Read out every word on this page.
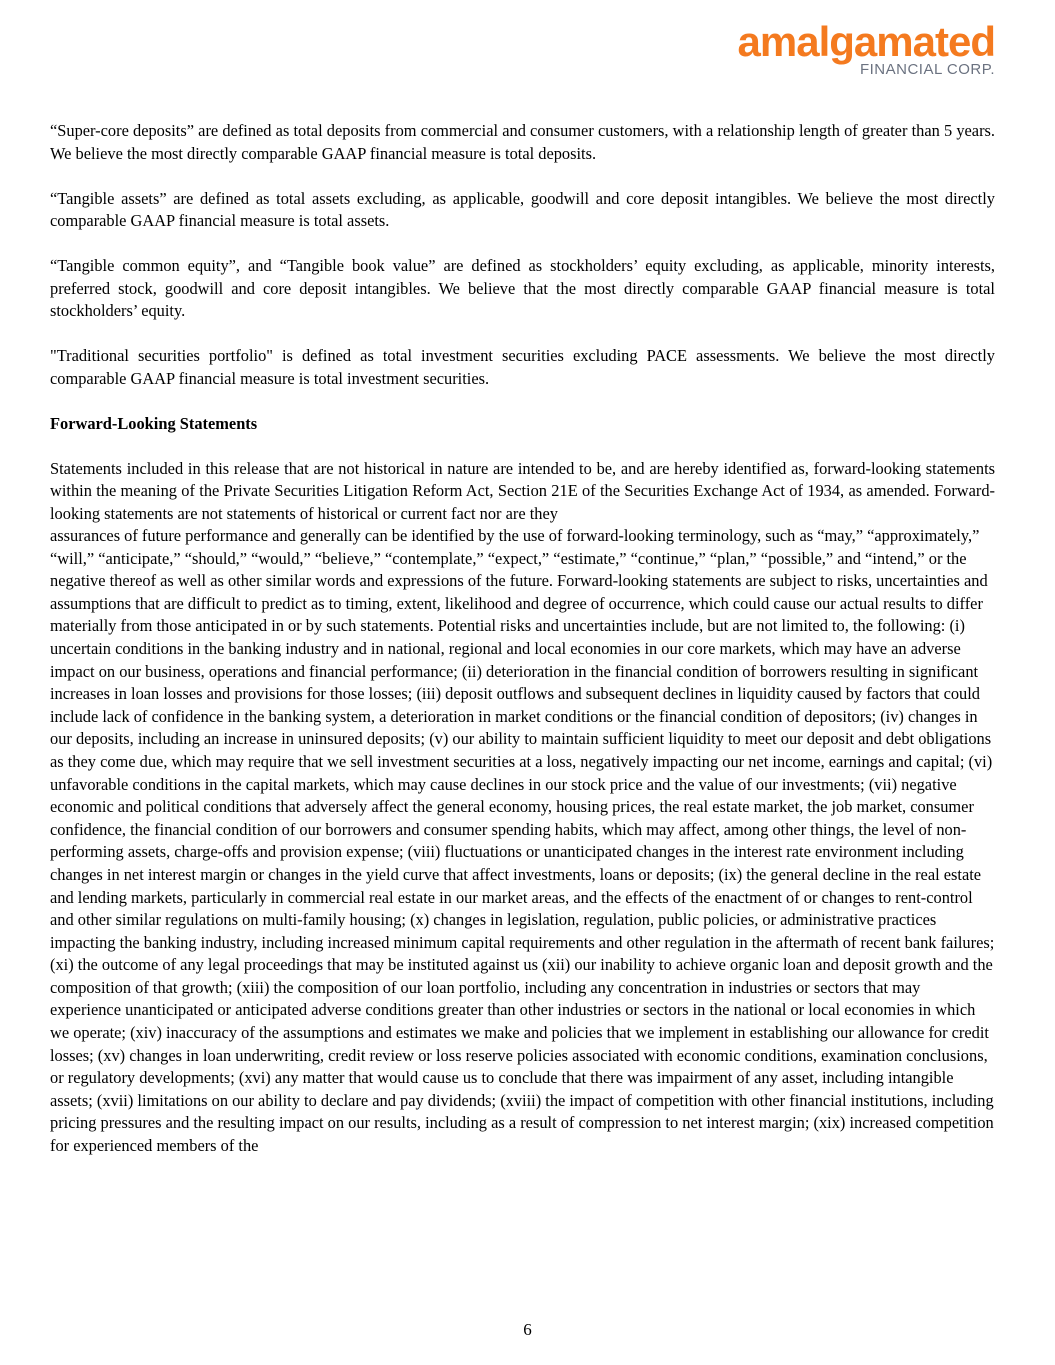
amalgamated
FINANCIAL CORP.

“Super-core deposits” are defined as total deposits from commercial and consumer customers, with a relationship length of greater than 5 years. We believe the most directly comparable GAAP financial measure is total deposits.

“Tangible assets” are defined as total assets excluding, as applicable, goodwill and core deposit intangibles. We believe the most directly comparable GAAP financial measure is total assets.

“Tangible common equity”, and “Tangible book value” are defined as stockholders’ equity excluding, as applicable, minority interests, preferred stock, goodwill and core deposit intangibles. We believe that the most directly comparable GAAP financial measure is total stockholders’ equity.

"Traditional securities portfolio" is defined as total investment securities excluding PACE assessments. We believe the most directly comparable GAAP financial measure is total investment securities.

Forward-Looking Statements

Statements included in this release that are not historical in nature are intended to be, and are hereby identified as, forward-looking statements within the meaning of the Private Securities Litigation Reform Act, Section 21E of the Securities Exchange Act of 1934, as amended. Forward-looking statements are not statements of historical or current fact nor are they

assurances of future performance and generally can be identified by the use of forward-looking terminology, such as “may,” “approximately,” “will,” “anticipate,” “should,” “would,” “believe,” “contemplate,” “expect,” “estimate,” “continue,” “plan,” “possible,” and “intend,” or the negative thereof as well as other similar words and expressions of the future. Forward-looking statements are subject to risks, uncertainties and assumptions that are difficult to predict as to timing, extent, likelihood and degree of occurrence, which could cause our actual results to differ materially from those anticipated in or by such statements. Potential risks and uncertainties include, but are not limited to, the following: (i) uncertain conditions in the banking industry and in national, regional and local economies in our core markets, which may have an adverse impact on our business, operations and financial performance; (ii) deterioration in the financial condition of borrowers resulting in significant increases in loan losses and provisions for those losses; (iii) deposit outflows and subsequent declines in liquidity caused by factors that could include lack of confidence in the banking system, a deterioration in market conditions or the financial condition of depositors; (iv) changes in our deposits, including an increase in uninsured deposits; (v) our ability to maintain sufficient liquidity to meet our deposit and debt obligations as they come due, which may require that we sell investment securities at a loss, negatively impacting our net income, earnings and capital; (vi) unfavorable conditions in the capital markets, which may cause declines in our stock price and the value of our investments; (vii) negative economic and political conditions that adversely affect the general economy, housing prices, the real estate market, the job market, consumer confidence, the financial condition of our borrowers and consumer spending habits, which may affect, among other things, the level of non-performing assets, charge-offs and provision expense; (viii) fluctuations or unanticipated changes in the interest rate environment including changes in net interest margin or changes in the yield curve that affect investments, loans or deposits; (ix) the general decline in the real estate and lending markets, particularly in commercial real estate in our market areas, and the effects of the enactment of or changes to rent-control and other similar regulations on multi-family housing; (x) changes in legislation, regulation, public policies, or administrative practices impacting the banking industry, including increased minimum capital requirements and other regulation in the aftermath of recent bank failures; (xi) the outcome of any legal proceedings that may be instituted against us (xii) our inability to achieve organic loan and deposit growth and the composition of that growth; (xiii) the composition of our loan portfolio, including any concentration in industries or sectors that may experience unanticipated or anticipated adverse conditions greater than other industries or sectors in the national or local economies in which we operate; (xiv) inaccuracy of the assumptions and estimates we make and policies that we implement in establishing our allowance for credit losses; (xv) changes in loan underwriting, credit review or loss reserve policies associated with economic conditions, examination conclusions, or regulatory developments; (xvi) any matter that would cause us to conclude that there was impairment of any asset, including intangible assets; (xvii) limitations on our ability to declare and pay dividends; (xviii) the impact of competition with other financial institutions, including pricing pressures and the resulting impact on our results, including as a result of compression to net interest margin; (xix) increased competition for experienced members of the

6
